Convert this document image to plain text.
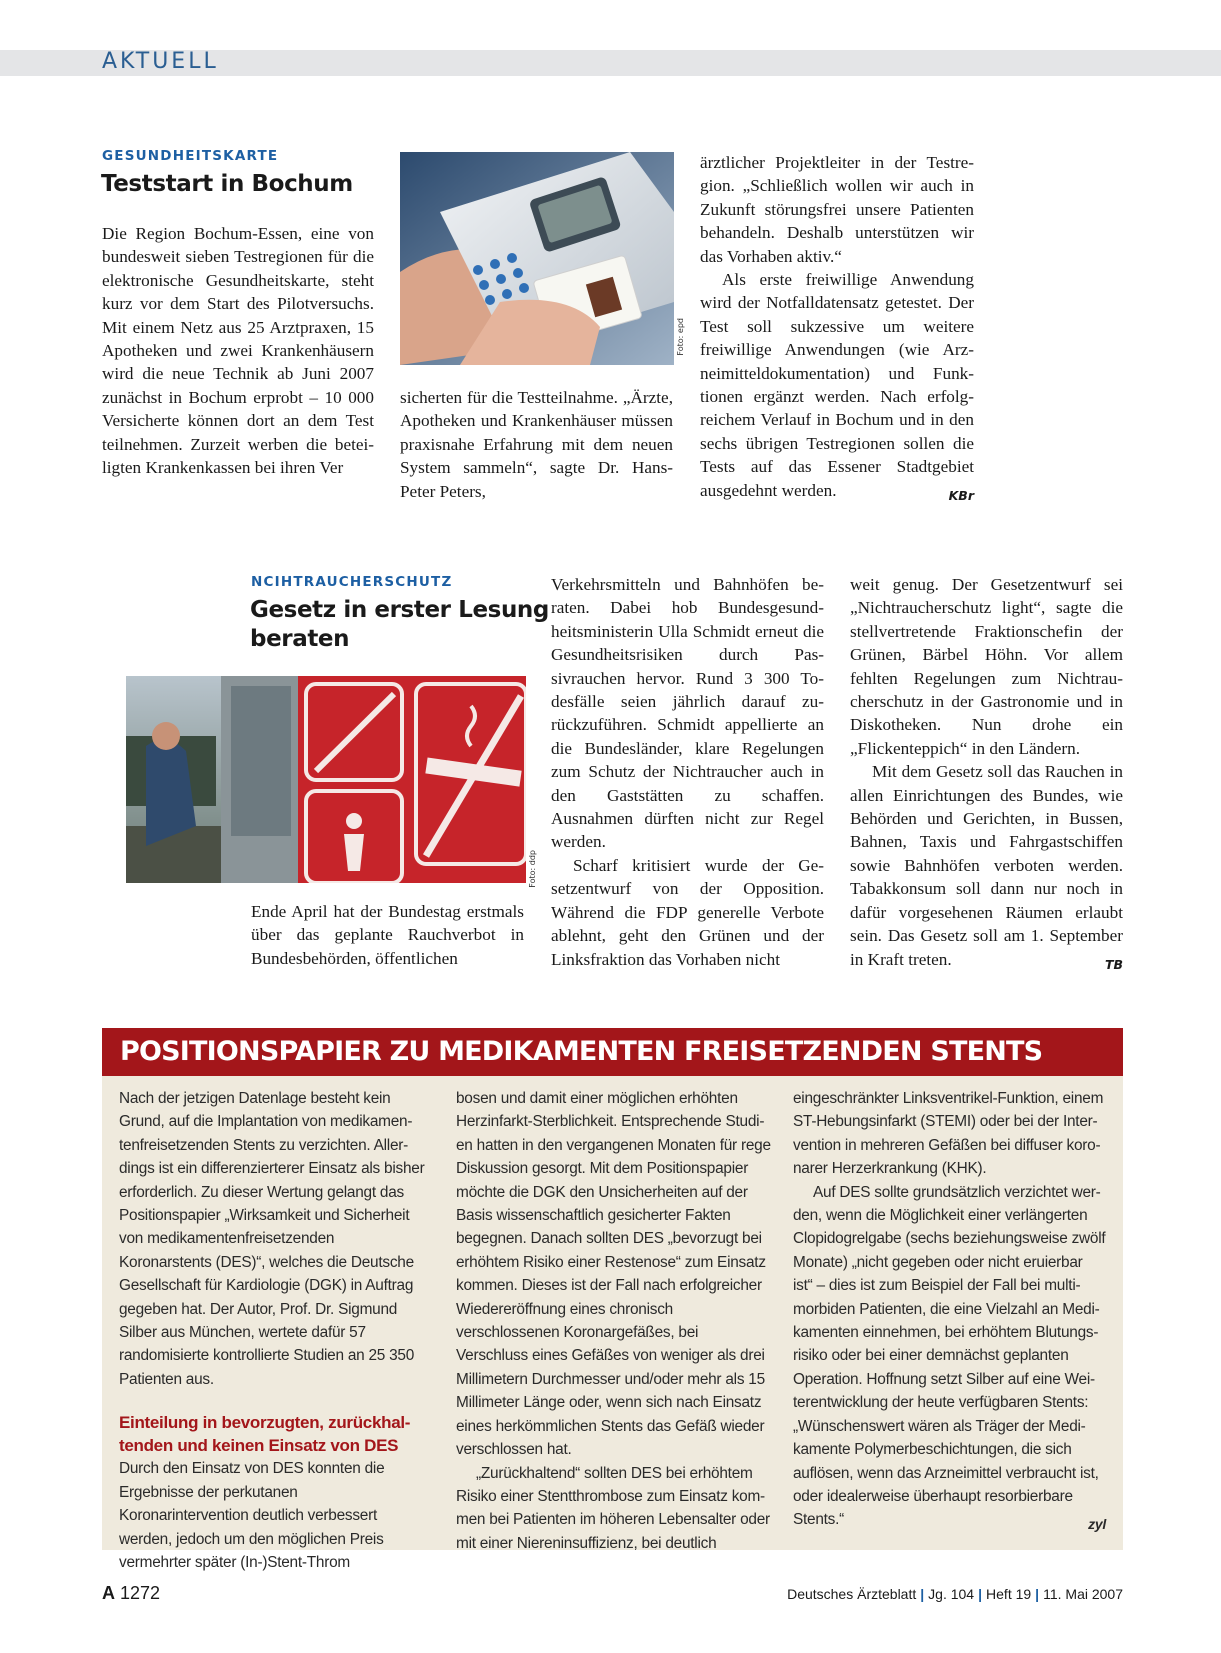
AKTUELL
GESUNDHEITSKARTE
Teststart in Bochum

Die Region Bochum-Essen, eine von bundesweit sieben Testregionen für die elektronische Gesundheitskarte, steht kurz vor dem Start des Pilotversuchs. Mit einem Netz aus 25 Arztpraxen, 15 Apotheken und zwei Krankenhäusern wird die neue Technik ab Juni 2007 zunächst in Bochum erprobt – 10 000 Versicherte können dort an dem Test teilnehmen. Zurzeit werben die beteiligten Krankenkassen bei ihren Ver

Foto: epd

sicherten für die Testteilnahme. „Ärzte, Apotheken und Krankenhäuser müssen praxisnahe Erfahrung mit dem neuen System sammeln“, sagte Dr. Hans-Peter Peters,

ärztlicher Projektleiter in der Testregion. „Schließlich wollen wir auch in Zukunft störungsfrei unsere Patienten behandeln. Deshalb unterstützen wir das Vorhaben aktiv.“

Als erste freiwillige Anwendung wird der Notfalldatensatz getestet. Der Test soll sukzessive um weitere freiwillige Anwendungen (wie Arzneimitteldokumentation) und Funktionen ergänzt werden. Nach erfolgreichem Verlauf in Bochum und in den sechs übrigen Testregionen sollen die Tests auf das Essener Stadtgebiet ausgedehnt werden.	KBr

NCIHTRAUCHERSCHUTZ
Gesetz in erster Lesung
beraten
Foto: ddp

Ende April hat der Bundestag erstmals über das geplante Rauchverbot in Bundesbehörden, öffentlichen

Verkehrsmitteln und Bahnhöfen beraten. Dabei hob Bundesgesundheitsministerin Ulla Schmidt erneut die Gesundheitsrisiken durch Passivrauchen hervor. Rund 3 300 Todesfälle seien jährlich darauf zurückzuführen. Schmidt appellierte an die Bundesländer, klare Regelungen zum Schutz der Nichtraucher auch in den Gaststätten zu schaffen. Ausnahmen dürften nicht zur Regel werden.

Scharf kritisiert wurde der Gesetzentwurf von der Opposition. Während die FDP generelle Verbote ablehnt, geht den Grünen und der Linksfraktion das Vorhaben nicht

weit genug. Der Gesetzentwurf sei „Nichtraucherschutz light“, sagte die stellvertretende Fraktionschefin der Grünen, Bärbel Höhn. Vor allem fehlten Regelungen zum Nichtraucherschutz in der Gastronomie und in Diskotheken. Nun drohe ein „Flickenteppich“ in den Ländern.

Mit dem Gesetz soll das Rauchen in allen Einrichtungen des Bundes, wie Behörden und Gerichten, in Bussen, Bahnen, Taxis und Fahrgastschiffen sowie Bahnhöfen verboten werden. Tabakkonsum soll dann nur noch in dafür vorgesehenen Räumen erlaubt sein. Das Gesetz soll am 1. September in Kraft treten.	TB

POSITIONSPAPIER ZU MEDIKAMENTEN FREISETZENDEN STENTS

Nach der jetzigen Datenlage besteht kein Grund, auf die Implantation von medikamentenfreisetzenden Stents zu verzichten. Allerdings ist ein differenzierterer Einsatz als bisher erforderlich. Zu dieser Wertung gelangt das Positionspapier „Wirksamkeit und Sicherheit von medikamentenfreisetzenden Koronarstents (DES)“, welches die Deutsche Gesellschaft für Kardiologie (DGK) in Auftrag gegeben hat. Der Autor, Prof. Dr. Sigmund Silber aus München, wertete dafür 57 randomisierte kontrollierte Studien an 25 350 Patienten aus.

Einteilung in bevorzugten, zurückhaltenden und keinen Einsatz von DES

Durch den Einsatz von DES konnten die Ergebnisse der perkutanen Koronarintervention deutlich verbessert werden, jedoch um den möglichen Preis vermehrter später (In-)Stent-Throm

bosen und damit einer möglichen erhöhten Herzinfarkt-Sterblichkeit. Entsprechende Studien hatten in den vergangenen Monaten für rege Diskussion gesorgt. Mit dem Positionspapier möchte die DGK den Unsicherheiten auf der Basis wissenschaftlich gesicherter Fakten begegnen. Danach sollten DES „bevorzugt bei erhöhtem Risiko einer Restenose“ zum Einsatz kommen. Dieses ist der Fall nach erfolgreicher Wiedereröffnung eines chronisch verschlossenen Koronargefäßes, bei Verschluss eines Gefäßes von weniger als drei Millimetern Durchmesser und/oder mehr als 15 Millimeter Länge oder, wenn sich nach Einsatz eines herkömmlichen Stents das Gefäß wieder verschlossen hat.

„Zurückhaltend“ sollten DES bei erhöhtem Risiko einer Stentthrombose zum Einsatz kommen bei Patienten im höheren Lebensalter oder mit einer Niereninsuffizienz, bei deutlich

eingeschränkter Linksventrikel-Funktion, einem ST-Hebungsinfarkt (STEMI) oder bei der Intervention in mehreren Gefäßen bei diffuser koronarer Herzerkrankung (KHK).

Auf DES sollte grundsätzlich verzichtet werden, wenn die Möglichkeit einer verlängerten Clopidogrelgabe (sechs beziehungsweise zwölf Monate) „nicht gegeben oder nicht eruierbar ist“ – dies ist zum Beispiel der Fall bei multimorbiden Patienten, die eine Vielzahl an Medikamenten einnehmen, bei erhöhtem Blutungsrisiko oder bei einer demnächst geplanten Operation. Hoffnung setzt Silber auf eine Weiterentwicklung der heute verfügbaren Stents: „Wünschenswert wären als Träger der Medikamente Polymerbeschichtungen, die sich auflösen, wenn das Arzneimittel verbraucht ist, oder idealerweise überhaupt resorbierbare Stents.“	zyl

A 1272	Deutsches Ärzteblatt | Jg. 104 | Heft 19 | 11. Mai 2007
